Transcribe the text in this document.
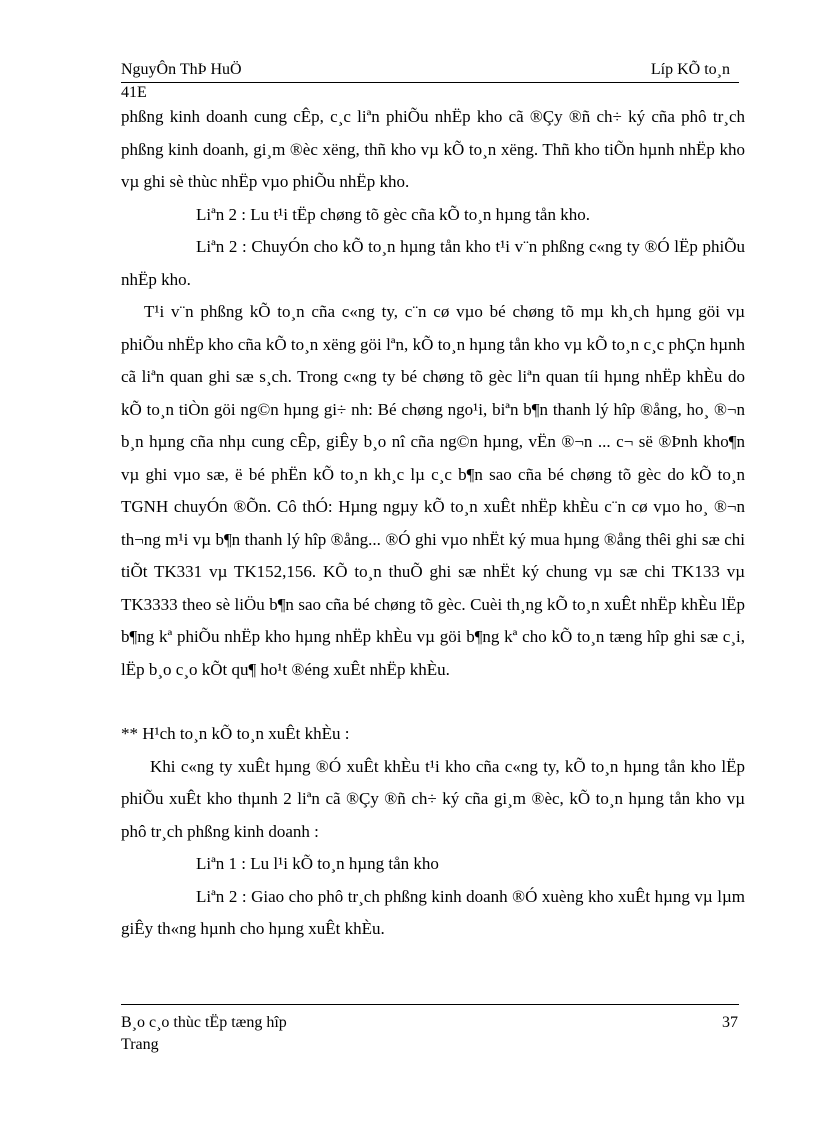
NguyÔn ThÞ HuÖ	Líp KÕ to¸n
41E

phßng kinh doanh cung cÊp, c¸c liªn phiÕu nhËp kho cã ®Çy ®ñ ch÷ ký cña phô tr¸ch phßng kinh doanh, gi¸m ®èc xëng, thñ kho vµ kÕ to¸n xëng. Thñ kho tiÕn hµnh nhËp kho vµ ghi sè thùc nhËp vµo phiÕu nhËp kho.

Liªn 2 : Lu t¹i tËp chøng tõ gèc cña kÕ to¸n hµng tån kho.

Liªn 2 : ChuyÓn cho kÕ to¸n hµng tån kho t¹i v¨n phßng c«ng ty ®Ó lËp phiÕu nhËp kho.

T¹i v¨n phßng kÕ to¸n cña c«ng ty, c¨n cø vµo bé chøng tõ mµ kh¸ch hµng göi vµ phiÕu nhËp kho cña kÕ to¸n xëng göi lªn, kÕ to¸n hµng tån kho vµ kÕ to¸n c¸c phÇn hµnh cã liªn quan ghi sæ s¸ch. Trong c«ng ty bé chøng tõ gèc liªn quan tíi hµng nhËp khÈu do kÕ to¸n tiÒn göi ng©n hµng gi÷ nh: Bé chøng ngo¹i, biªn b¶n thanh lý hîp ®ång, ho¸ ®¬n b¸n hµng cña nhµ cung cÊp, giÊy b¸o nî cña ng©n hµng, vËn ®¬n ... c¬ së ®Þnh kho¶n vµ ghi vµo sæ, ë bé phËn kÕ to¸n kh¸c lµ c¸c b¶n sao cña bé chøng tõ gèc do kÕ to¸n TGNH chuyÓn ®Õn. Cô thÓ: Hµng ngµy kÕ to¸n xuÊt nhËp khÈu c¨n cø vµo ho¸ ®¬n th¬ng m¹i vµ b¶n thanh lý hîp ®ång... ®Ó ghi vµo nhËt ký mua hµng ®ång thêi ghi sæ chi tiÕt TK331 vµ TK152,156. KÕ to¸n thuÕ ghi sæ nhËt ký chung vµ sæ chi TK133 vµ TK3333 theo sè liÖu b¶n sao cña bé chøng tõ gèc. Cuèi th¸ng kÕ to¸n xuÊt nhËp khÈu lËp b¶ng kª phiÕu nhËp kho hµng nhËp khÈu vµ göi b¶ng kª cho kÕ to¸n tæng hîp ghi sæ c¸i, lËp b¸o c¸o kÕt qu¶ ho¹t ®éng xuÊt nhËp khÈu.

** H¹ch to¸n kÕ to¸n xuÊt khÈu :

Khi c«ng ty xuÊt hµng ®Ó xuÊt khÈu t¹i kho cña c«ng ty, kÕ to¸n hµng tån kho lËp phiÕu xuÊt kho thµnh 2 liªn cã ®Çy ®ñ ch÷ ký cña gi¸m ®èc, kÕ to¸n hµng tån kho vµ phô tr¸ch phßng kinh doanh :

Liªn 1 : Lu l¹i kÕ to¸n hµng tån kho

Liªn 2 : Giao cho phô tr¸ch phßng kinh doanh ®Ó xuèng kho xuÊt hµng vµ lµm giÊy th«ng hµnh cho hµng xuÊt khÈu.

B¸o c¸o thùc tËp tæng hîp
Trang
37
